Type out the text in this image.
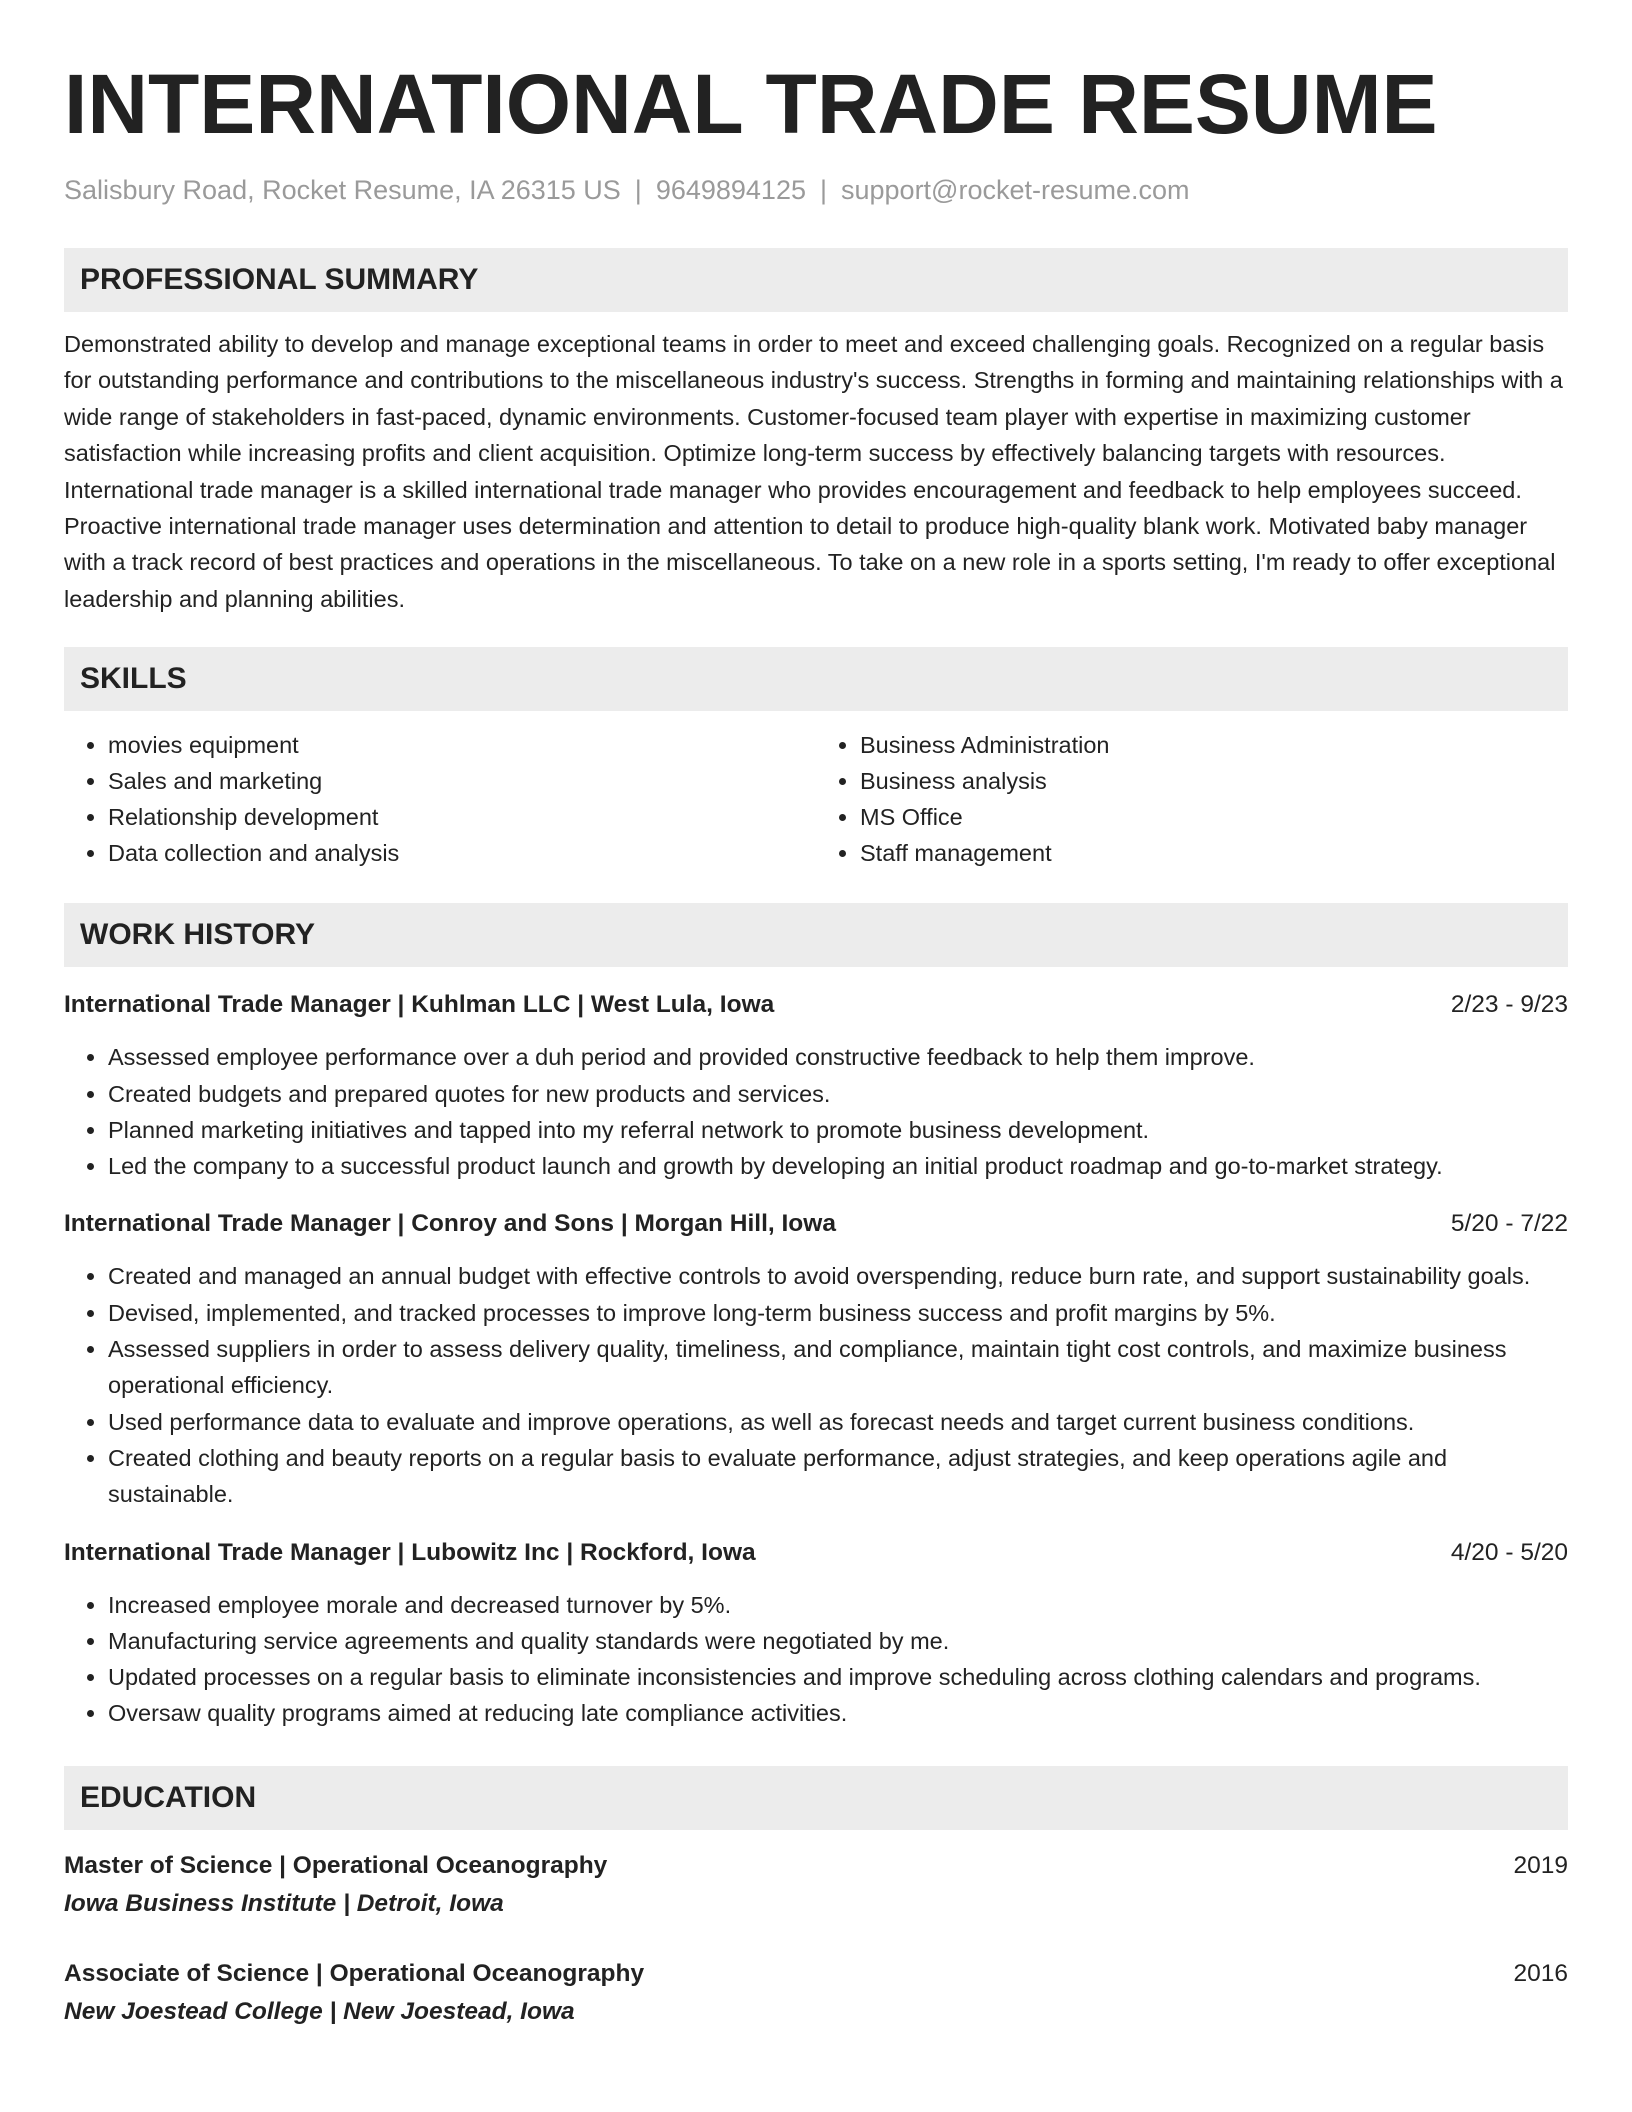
INTERNATIONAL TRADE RESUME
Salisbury Road, Rocket Resume, IA 26315 US | 9649894125 | support@rocket-resume.com
PROFESSIONAL SUMMARY

Demonstrated ability to develop and manage exceptional teams in order to meet and exceed challenging goals. Recognized on a regular basis for outstanding performance and contributions to the miscellaneous industry's success. Strengths in forming and maintaining relationships with a wide range of stakeholders in fast-paced, dynamic environments. Customer-focused team player with expertise in maximizing customer satisfaction while increasing profits and client acquisition. Optimize long-term success by effectively balancing targets with resources. International trade manager is a skilled international trade manager who provides encouragement and feedback to help employees succeed. Proactive international trade manager uses determination and attention to detail to produce high-quality blank work. Motivated baby manager with a track record of best practices and operations in the miscellaneous. To take on a new role in a sports setting, I'm ready to offer exceptional leadership and planning abilities.

SKILLS
• movies equipment
• Sales and marketing
• Relationship development
• Data collection and analysis
• Business Administration
• Business analysis
• MS Office
• Staff management
WORK HISTORY
International Trade Manager | Kuhlman LLC | West Lula, Iowa	2/23 - 9/23
• Assessed employee performance over a duh period and provided constructive feedback to help them improve.
• Created budgets and prepared quotes for new products and services.
• Planned marketing initiatives and tapped into my referral network to promote business development.
• Led the company to a successful product launch and growth by developing an initial product roadmap and go-to-market strategy.
International Trade Manager | Conroy and Sons | Morgan Hill, Iowa	5/20 - 7/22
• Created and managed an annual budget with effective controls to avoid overspending, reduce burn rate, and support sustainability goals.
• Devised, implemented, and tracked processes to improve long-term business success and profit margins by 5%.
• Assessed suppliers in order to assess delivery quality, timeliness, and compliance, maintain tight cost controls, and maximize business operational efficiency.
• Used performance data to evaluate and improve operations, as well as forecast needs and target current business conditions.
• Created clothing and beauty reports on a regular basis to evaluate performance, adjust strategies, and keep operations agile and sustainable.
International Trade Manager | Lubowitz Inc | Rockford, Iowa	4/20 - 5/20
• Increased employee morale and decreased turnover by 5%.
• Manufacturing service agreements and quality standards were negotiated by me.
• Updated processes on a regular basis to eliminate inconsistencies and improve scheduling across clothing calendars and programs.
• Oversaw quality programs aimed at reducing late compliance activities.
EDUCATION
Master of Science | Operational Oceanography	2019
Iowa Business Institute | Detroit, Iowa
Associate of Science | Operational Oceanography	2016
New Joestead College | New Joestead, Iowa
